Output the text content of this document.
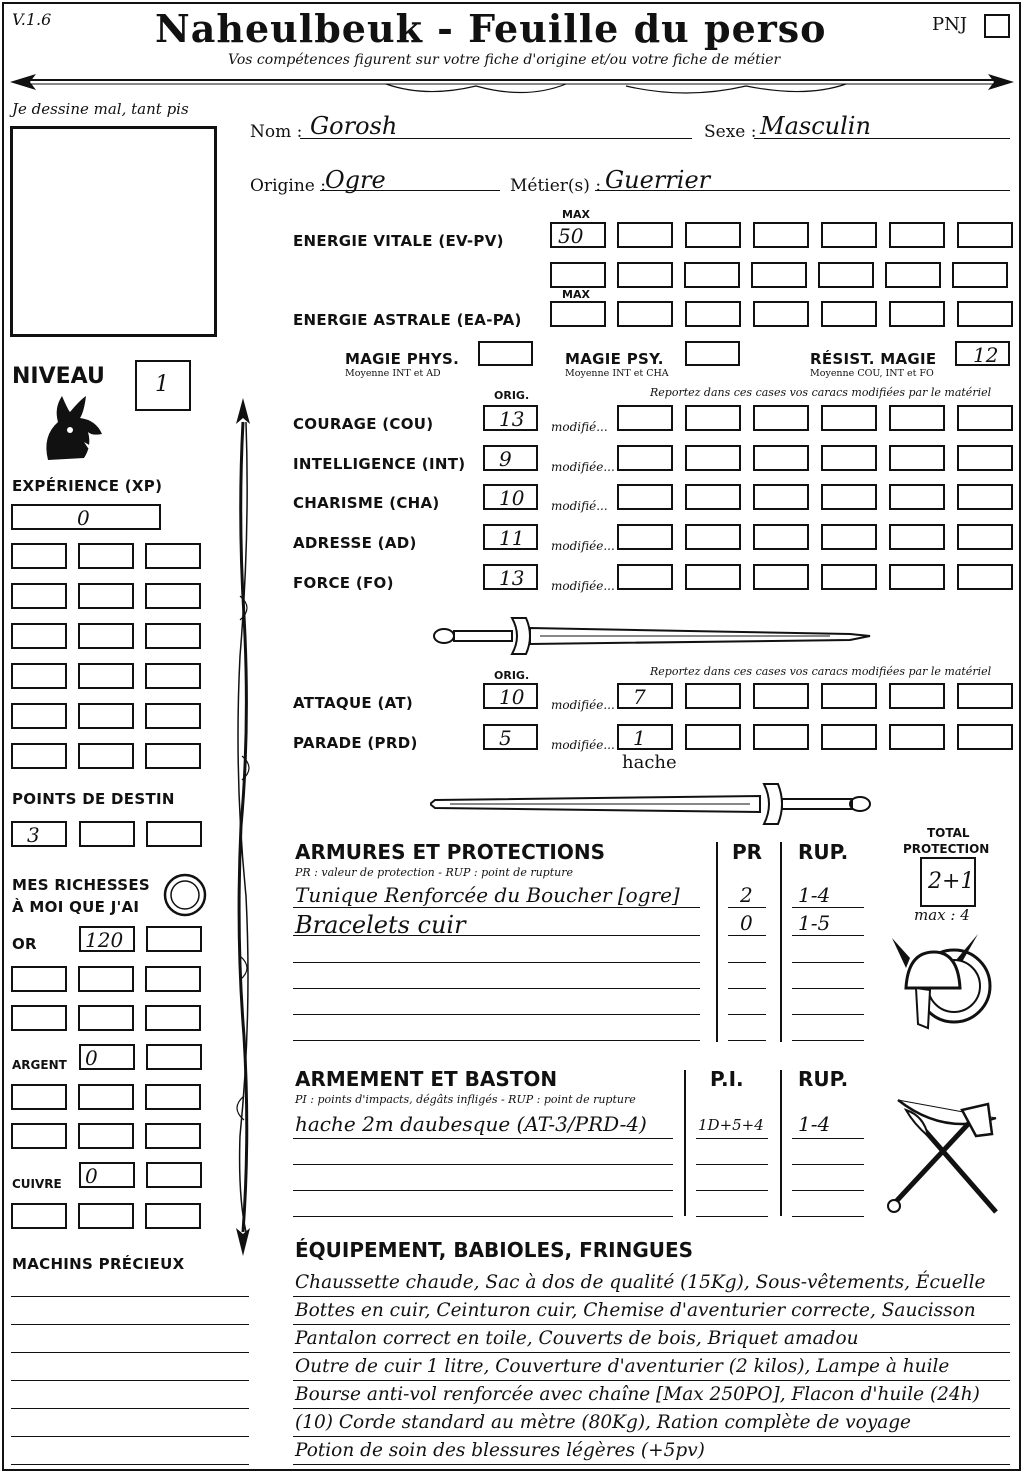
V.1.6	Naheulbeuk - Feuille du perso	PNJ
Vos compétences figurent sur votre fiche d'origine et/ou votre fiche de métier
Je dessine mal, tant pis
Nom : Gorosh	Sexe : Masculin
Origine : Ogre	Métier(s) : Guerrier
MAX
ENERGIE VITALE (EV-PV)	50
MAX
ENERGIE ASTRALE (EA-PA)
MAGIE PHYS.
Moyenne INT et AD
MAGIE PSY.
Moyenne INT et CHA
RÉSIST. MAGIE
Moyenne COU, INT et FO
12
ORIG.	Reportez dans ces cases vos caracs modifiées par le matériel
ORIG.	Reportez dans ces cases vos caracs modifiées par le matériel
ATTAQUE (AT)	10 modifiée... 7
PARADE (PRD)	5	modifiée... 1
hache
ARMURES ET PROTECTIONS
PR : valeur de protection - RUP : point de rupture
PR RUP.
TOTAL
PROTECTION
2+1
max : 4
ARMEMENT ET BASTON
PI : points d'impacts, dégâts infligés - RUP : point de rupture
P.I.	RUP.
ÉQUIPEMENT, BABIOLES, FRINGUES
NIVEAU 1
EXPÉRIENCE (XP)
0
POINTS DE DESTIN
3
MES RICHESSES
À MOI QUE J'AI
OR 120
ARGENT 0
CUIVRE 0
MACHINS PRÉCIEUX
COURAGE (COU)	13 modifié...
INTELLIGENCE (INT) 9	modifiée...
CHARISME (CHA)	10 modifié...
ADRESSE (AD)	11 modifiée...
FORCE (FO)	13 modifiée...
Tunique Renforcée du Boucher [ogre]	2 1-4
Bracelets cuir	0 1-5
hache 2m daubesque (AT-3/PRD-4)	1D+5+4 1-4
Chaussette chaude, Sac à dos de qualité (15Kg), Sous-vêtements, Écuelle
Bottes en cuir, Ceinturon cuir, Chemise d'aventurier correcte, Saucisson
Pantalon correct en toile, Couverts de bois, Briquet amadou
Outre de cuir 1 litre, Couverture d'aventurier (2 kilos), Lampe à huile
Bourse anti-vol renforcée avec chaîne [Max 250PO], Flacon d'huile (24h)
(10) Corde standard au mètre (80Kg), Ration complète de voyage
Potion de soin des blessures légères (+5pv)
